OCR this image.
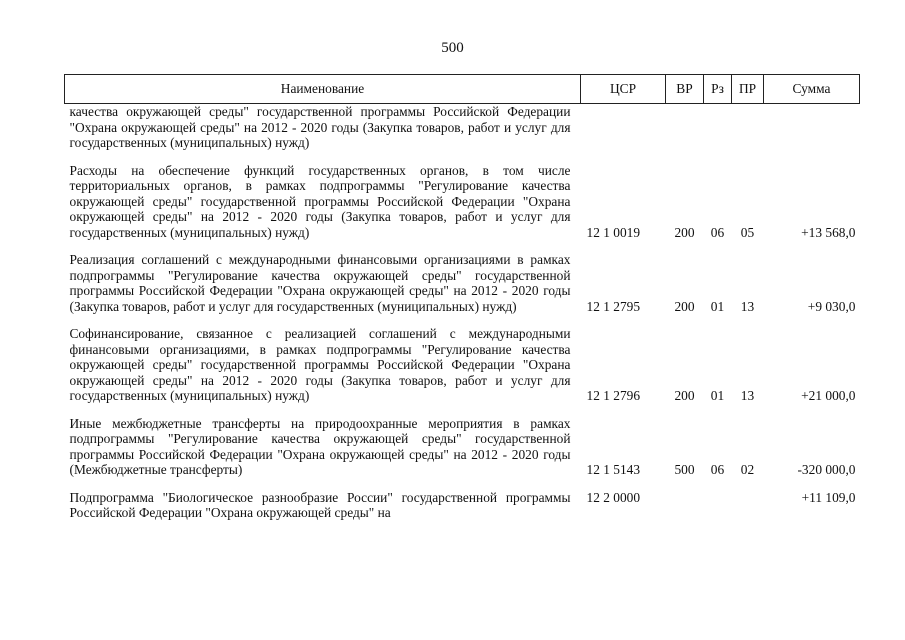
500
Наименование	ЦСР	ВР	Рз	ПР	Сумма
качества окружающей среды" государственной программы Российской Федерации "Охрана окружающей среды" на 2012 - 2020 годы (Закупка товаров, работ и услуг для государственных (муниципальных) нужд)					

Расходы на обеспечение функций государственных органов, в том числе территориальных органов, в рамках подпрограммы "Регулирование качества окружающей среды" государственной программы Российской Федерации "Охрана окружающей среды" на 2012 - 2020 годы (Закупка товаров, работ и услуг для государственных (муниципальных) нужд)	12 1 0019	200	06	05	+13 568,0

Реализация соглашений с международными финансовыми организациями в рамках подпрограммы "Регулирование качества окружающей среды" государственной программы Российской Федерации "Охрана окружающей среды" на 2012 - 2020 годы (Закупка товаров, работ и услуг для государственных (муниципальных) нужд)	12 1 2795	200	01	13	+9 030,0

Софинансирование, связанное с реализацией соглашений с международными финансовыми организациями, в рамках подпрограммы "Регулирование качества окружающей среды" государственной программы Российской Федерации "Охрана окружающей среды" на 2012 - 2020 годы (Закупка товаров, работ и услуг для государственных (муниципальных) нужд)	12 1 2796	200	01	13	+21 000,0

Иные межбюджетные трансферты на природоохранные мероприятия в рамках подпрограммы "Регулирование качества окружающей среды" государственной программы Российской Федерации "Охрана окружающей среды" на 2012 - 2020 годы (Межбюджетные трансферты)	12 1 5143	500	06	02	-320 000,0

Подпрограмма "Биологическое разнообразие России" государственной программы Российской Федерации "Охрана окружающей среды" на	12 2 0000				+11 109,0
